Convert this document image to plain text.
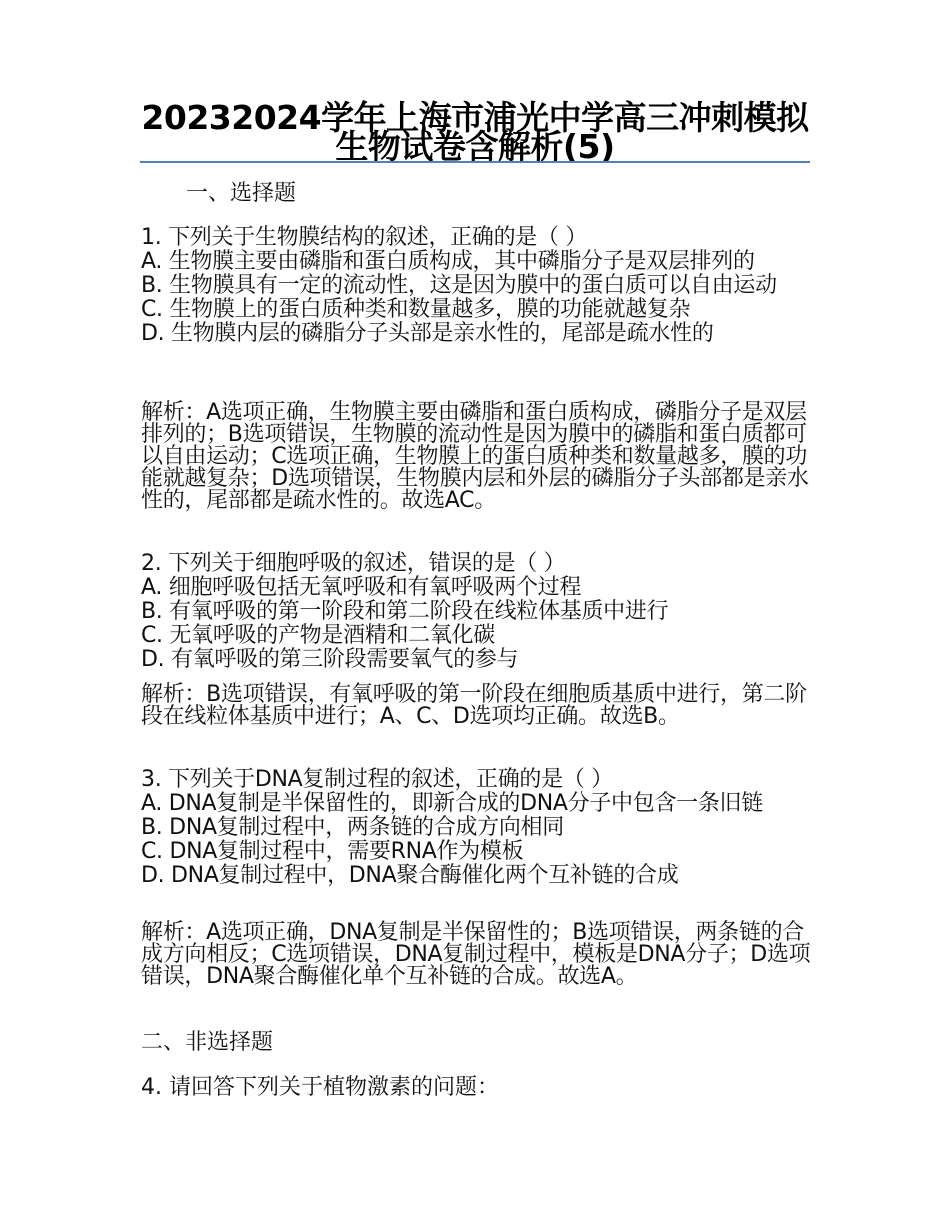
20232024学年上海市浦光中学高三冲刺模拟生物试卷含解析(5)
一、选择题

1. 下列关于生物膜结构的叙述，正确的是（ ）

A. 生物膜主要由磷脂和蛋白质构成，其中磷脂分子是双层排列的

B. 生物膜具有一定的流动性，这是因为膜中的蛋白质可以自由运动

C. 生物膜上的蛋白质种类和数量越多，膜的功能就越复杂

D. 生物膜内层的磷脂分子头部是亲水性的，尾部是疏水性的

解析：A选项正确，生物膜主要由磷脂和蛋白质构成，磷脂分子是双层排列的；B选项错误，生物膜的流动性是因为膜中的磷脂和蛋白质都可以自由运动；C选项正确，生物膜上的蛋白质种类和数量越多，膜的功能就越复杂；D选项错误，生物膜内层和外层的磷脂分子头部都是亲水性的，尾部都是疏水性的。故选AC。

2. 下列关于细胞呼吸的叙述，错误的是（ ）

A. 细胞呼吸包括无氧呼吸和有氧呼吸两个过程

B. 有氧呼吸的第一阶段和第二阶段在线粒体基质中进行

C. 无氧呼吸的产物是酒精和二氧化碳

D. 有氧呼吸的第三阶段需要氧气的参与

解析：B选项错误，有氧呼吸的第一阶段在细胞质基质中进行，第二阶段在线粒体基质中进行；A、C、D选项均正确。故选B。

3. 下列关于DNA复制过程的叙述，正确的是（ ）

A. DNA复制是半保留性的，即新合成的DNA分子中包含一条旧链

B. DNA复制过程中，两条链的合成方向相同

C. DNA复制过程中，需要RNA作为模板

D. DNA复制过程中，DNA聚合酶催化两个互补链的合成

解析：A选项正确，DNA复制是半保留性的；B选项错误，两条链的合成方向相反；C选项错误，DNA复制过程中，模板是DNA分子；D选项错误，DNA聚合酶催化单个互补链的合成。故选A。

二、非选择题
4. 请回答下列关于植物激素的问题：
